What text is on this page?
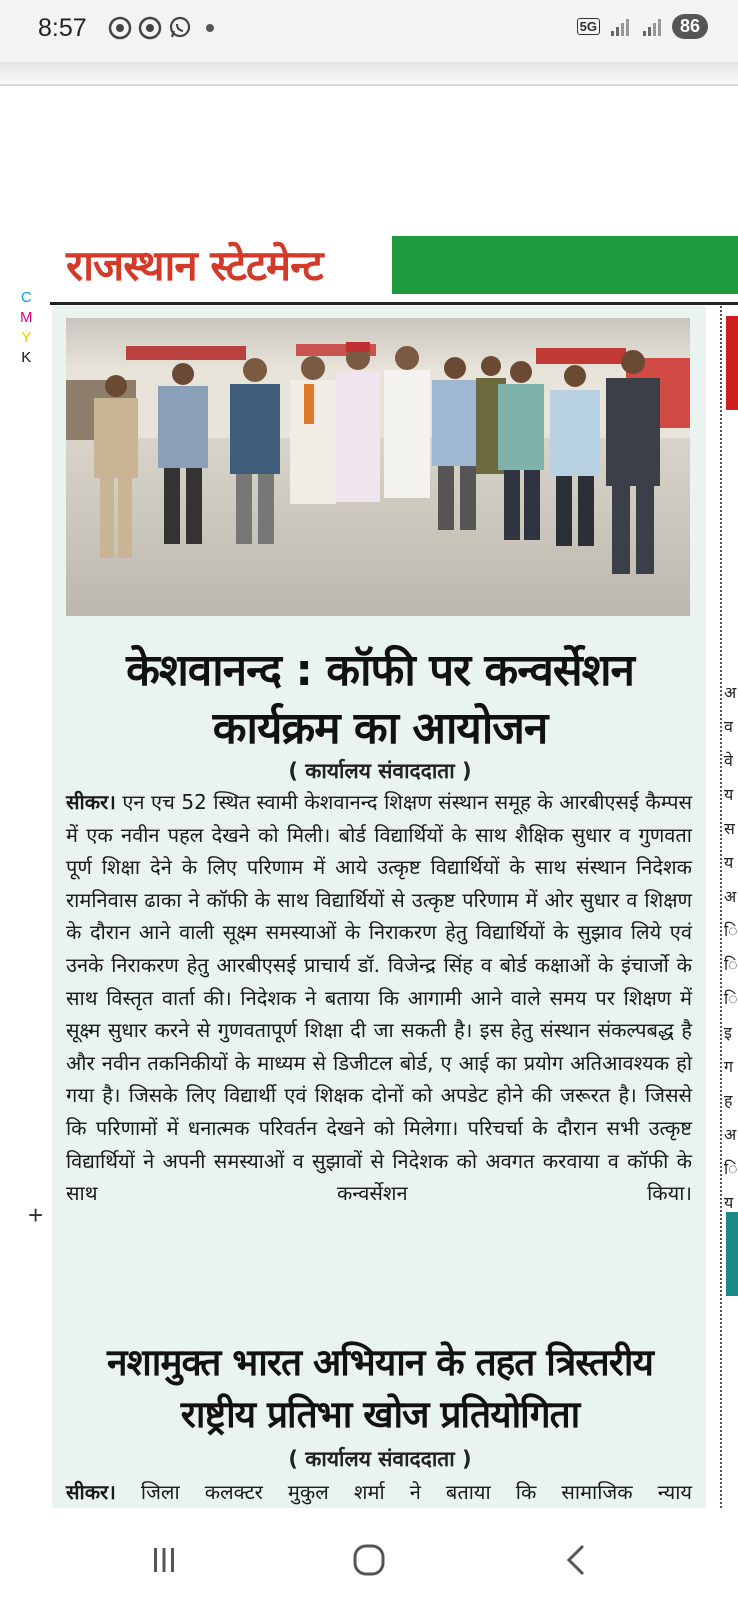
8:57	5G	86
C
M
Y
K
राजस्थान स्टेटमेन्ट
केशवानन्द : कॉफी पर कन्वर्सेशन
कार्यक्रम का आयोजन
( कार्यालय संवाददाता )
सीकर। एन एच 52 स्थित स्वामी केशवानन्द शिक्षण संस्थान समूह के आरबीएसई कैम्पस में एक नवीन पहल देखने को मिली। बोर्ड विद्यार्थियों के साथ शैक्षिक सुधार व गुणवता पूर्ण शिक्षा देने के लिए परिणाम में आये उत्कृष्ट विद्यार्थियों के साथ संस्थान निदेशक रामनिवास ढाका ने कॉफी के साथ विद्यार्थियों से उत्कृष्ट परिणाम में ओर सुधार व शिक्षण के दौरान आने वाली सूक्ष्म समस्याओं के निराकरण हेतु विद्यार्थियों के सुझाव लिये एवं उनके निराकरण हेतु आरबीएसई प्राचार्य डॉ. विजेन्द्र सिंह व बोर्ड कक्षाओं के इंचार्जो के साथ विस्तृत वार्ता की। निदेशक ने बताया कि आगामी आने वाले समय पर शिक्षण में सूक्ष्म सुधार करने से गुणवतापूर्ण शिक्षा दी जा सकती है। इस हेतु संस्थान संकल्पबद्ध है और नवीन तकनिकीयों के माध्यम से डिजीटल बोर्ड, ए आई का प्रयोग अतिआवश्यक हो गया है। जिसके लिए विद्यार्थी एवं शिक्षक दोनों को अपडेट होने की जरूरत है। जिससे कि परिणामों में धनात्मक परिवर्तन देखने को मिलेगा। परिचर्चा के दौरान सभी उत्कृष्ट विद्यार्थियों ने अपनी समस्याओं व सुझावों से निदेशक को अवगत करवाया व कॉफी के साथ कन्वर्सेशन किया।
+
नशामुक्त भारत अभियान के तहत त्रिस्तरीय
राष्ट्रीय प्रतिभा खोज प्रतियोगिता
( कार्यालय संवाददाता )
सीकर। जिला कलक्टर मुकुल शर्मा ने बताया कि सामाजिक न्याय
अ
व
वे
य
स
य
अ
ि
ि
ि
इ
ग
ह
अ
ि
य
